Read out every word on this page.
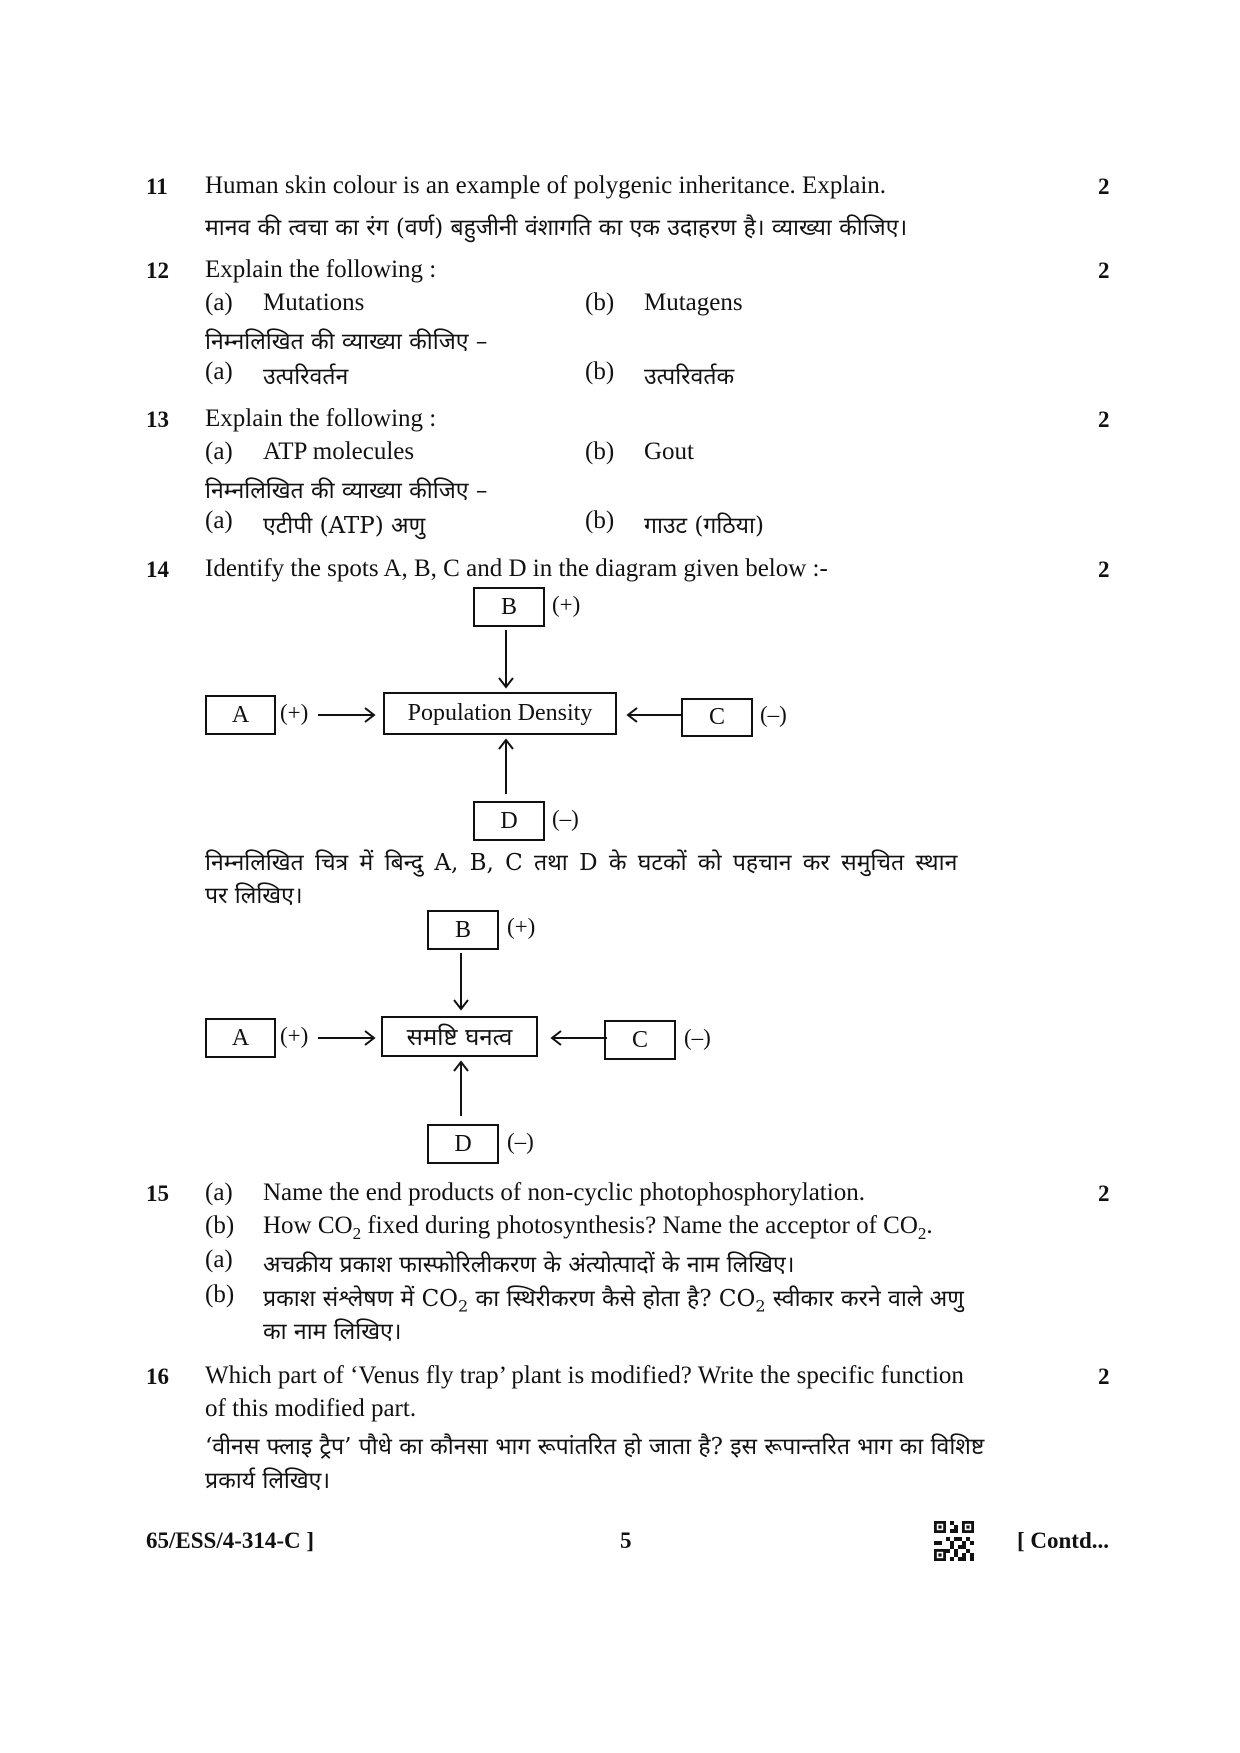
11 Human skin colour is an example of polygenic inheritance. Explain.	2
मानव की त्वचा का रंग (वर्ण) बहुजीनी वंशागति का एक उदाहरण है। व्याख्या कीजिए।
12 Explain the following :	2
(a) Mutations	(b) Mutagens
निम्नलिखित की व्याख्या कीजिए –
(a) उत्परिवर्तन	(b) उत्परिवर्तक
13 Explain the following :	2
(a) ATP molecules	(b) Gout
निम्नलिखित की व्याख्या कीजिए –
(a) एटीपी (ATP) अणु	(b) गाउट (गठिया)
14 Identify the spots A, B, C and D in the diagram given below :-	2
B	(+)
A	(+)	Population Density	C	(–)
D	(–)
निम्नलिखित चित्र में बिन्दु A, B, C तथा D के घटकों को पहचान कर समुचित स्थान
पर लिखिए।
B	(+)
A	(+)	समष्टि घनत्व	C	(–)
D	(–)
15 (a) Name the end products of non-cyclic photophosphorylation.	2
(b) How $CO_2$ fixed during photosynthesis? Name the acceptor of $CO_2$.
(a) अचक्रीय प्रकाश फास्फोरिलीकरण के अंत्योत्पादों के नाम लिखिए।
(b) प्रकाश संश्लेषण में $CO_2$ का स्थिरीकरण कैसे होता है? $CO_2$ स्वीकार करने वाले अणु
का नाम लिखिए।
16 Which part of ‘Venus fly trap’ plant is modified? Write the specific function	2
of this modified part.
‘वीनस फ्लाइ ट्रैप’ पौधे का कौनसा भाग रूपांतरित हो जाता है? इस रूपान्तरित भाग का विशिष्ट
प्रकार्य लिखिए।
65/ESS/4-314-C ]	5	[ Contd...
